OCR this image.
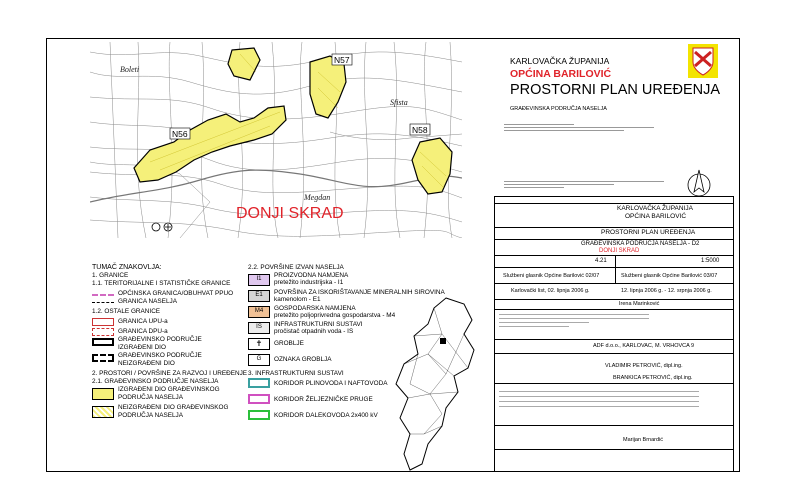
N57
N56	N58
Boleti
Megdan
Sfista
DONJI SKRAD
TUMAČ ZNAKOVLJA:
1. GRANICE
1.1. TERITORIJALNE I STATISTIČKE GRANICE
OPĆINSKA GRANICA/OBUHVAT PPUO
GRANICA NASELJA
1.2. OSTALE GRANICE
GRANICA UPU-a
GRANICA DPU-a
GRAĐEVINSKO PODRUČJE IZGRAĐENI DIO
GRAĐEVINSKO PODRUČJE NEIZGRAĐENI DIO
2. PROSTORI / POVRŠINE ZA RAZVOJ I UREĐENJE
2.1. GRAĐEVINSKO PODRUČJE NASELJA
IZGRAĐENI DIO GRAĐEVINSKOG PODRUČJA NASELJA
NEIZGRAĐENI DIO GRAĐEVINSKOG PODRUČJA NASELJA
2.2. POVRŠINE IZVAN NASELJA
I1	PROIZVODNA NAMJENA
pretežito industrijska - I1
E1	POVRŠINA ZA ISKORIŠTAVANJE MINERALNIH SIROVINA
kamenolom - E1
M4	GOSPODARSKA NAMJENA
pretežito poljoprivredna gospodarstva - M4
IS	INFRASTRUKTURNI SUSTAVI
pročistač otpadnih voda - IS
✝	GROBLJE
G	OZNAKA GROBLJA
3. INFRASTRUKTURNI SUSTAVI
KORIDOR PLINOVODA I NAFTOVODA
KORIDOR ŽELJEZNIČKE PRUGE
KORIDOR DALEKOVODA 2x400 kV
KARLOVAČKA ŽUPANIJA
OPĆINA BARILOVIĆ
PROSTORNI PLAN UREĐENJA
GRAĐEVINSKA PODRUČJA NASELJA
KARLOVAČKA ŽUPANIJA
OPĆINA BARILOVIĆ
PROSTORNI PLAN UREĐENJA
GRAĐEVINSKA PODRUČJA NASELJA - D2
DONJI SKRAD
4.21	1:5000
Službeni glasnik Općine Barilović 02/07	Službeni glasnik Općine Barilović 03/07
Karlovački list, 02. lipnja 2006 g.	12. lipnja 2006 g. - 12. srpnja 2006 g.
Irena Marinković
ADF d.o.o., KARLOVAC, M. VRHOVCA 9
VLADIMIR PETROVIĆ, dipl.ing.
BRANKICA PETROVIĆ, dipl.ing.
Marijan Brnardić
